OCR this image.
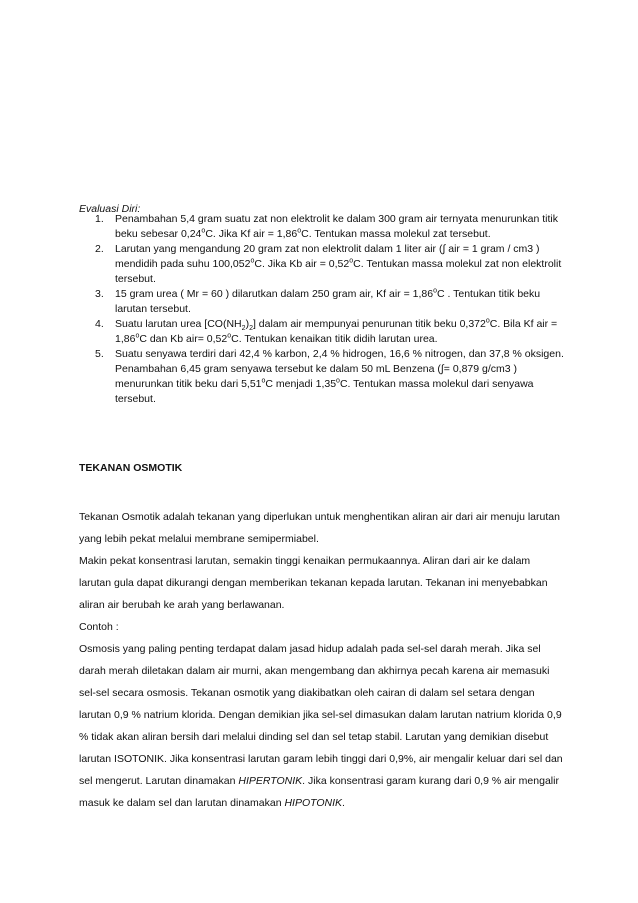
Evaluasi Diri:
1. Penambahan 5,4 gram suatu zat non elektrolit ke dalam 300 gram air ternyata menurunkan titik beku sebesar 0,24$^o$C. Jika Kf air = $1,86^oC$. Tentukan massa molekul zat tersebut.
2. Larutan yang mengandung 20 gram zat non elektrolit dalam 1 liter air (∫ air = 1 gram / cm3 ) mendidih pada suhu 100,052$^o$C. Jika Kb air = $0,52^oC$. Tentukan massa molekul zat non elektrolit tersebut.
3. 15 gram urea ( Mr = 60 ) dilarutkan dalam 250 gram air, Kf air = $1,86^oC$ . Tentukan titik beku larutan tersebut.
4. Suatu larutan urea $[CO(NH_2)_2]$ dalam air mempunyai penurunan titik beku 0,372$^o$C. Bila Kf air = $1,86^oC$ dan Kb $air= 0,52^oC$. Tentukan kenaikan titik didih larutan urea.
5. Suatu senyawa terdiri dari 42,4 % karbon, 2,4 % hidrogen, 16,6 % nitrogen, dan 37,8 % oksigen. Penambahan 6,45 gram senyawa tersebut ke dalam 50 mL Benzena (∫= 0,879 g/cm3 ) menurunkan titik beku dari 5,51$^o$C menjadi 1,35$^o$C. Tentukan massa molekul dari senyawa tersebut.
TEKANAN OSMOTIK

Tekanan Osmotik adalah tekanan yang diperlukan untuk menghentikan aliran air dari air menuju larutan yang lebih pekat melalui membrane semipermiabel.

Makin pekat konsentrasi larutan, semakin tinggi kenaikan permukaannya. Aliran dari air ke dalam larutan gula dapat dikurangi dengan memberikan tekanan kepada larutan. Tekanan ini menyebabkan aliran air berubah ke arah yang berlawanan.

Contoh :

Osmosis yang paling penting terdapat dalam jasad hidup adalah pada sel-sel darah merah. Jika sel darah merah diletakan dalam air murni, akan mengembang dan akhirnya pecah karena air memasuki sel-sel secara osmosis. Tekanan osmotik yang diakibatkan oleh cairan di dalam sel setara dengan larutan 0,9 % natrium klorida. Dengan demikian jika sel-sel dimasukan dalam larutan natrium klorida 0,9 % tidak akan aliran bersih dari melalui dinding sel dan sel tetap stabil. Larutan yang demikian disebut larutan ISOTONIK. Jika konsentrasi larutan garam lebih tinggi dari 0,9%, air mengalir keluar dari sel dan sel mengerut. Larutan dinamakan HIPERTONIK. Jika konsentrasi garam kurang dari 0,9 % air mengalir masuk ke dalam sel dan larutan dinamakan HIPOTONIK.
